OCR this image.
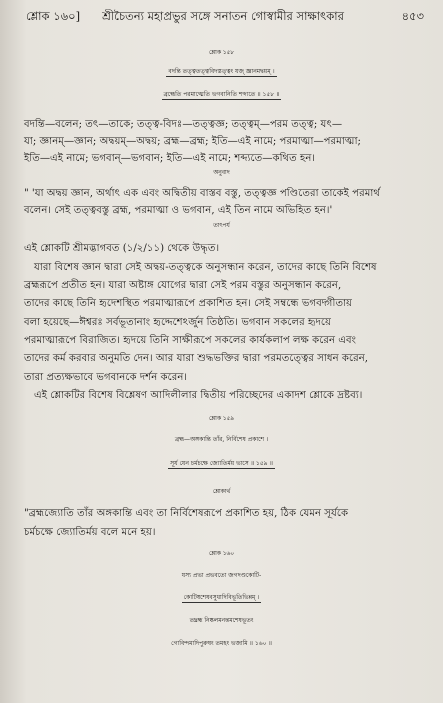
শ্লোক ১৬০] শ্রীচৈতন্য মহাপ্রভুর সঙ্গে সনাতন গোস্বামীর সাক্ষাৎকার	৪৫৩
শ্লোক ১৫৮
বদন্তি তত্ত্বতত্ত্ববিদস্তত্ত্বং যজ্ জ্ঞানমদ্বয়ম্ ।
ব্রহ্মেতি পরমাত্মেতি ভগবানিতি শব্দ্যতে ॥ ১৫৮ ॥
বদন্তি—বলেন; তৎ—তাকে; তত্ত্ব-বিদঃ—তত্ত্বজ্ঞ; তত্ত্বম্—পরম তত্ত্ব; যৎ—
যা; জ্ঞানম্—জ্ঞান; অদ্বয়ম্—অদ্বয়; ব্রহ্ম—ব্রহ্ম; ইতি—এই নামে; পরমাত্মা—পরমাত্মা;
ইতি—এই নামে; ভগবান্—ভগবান; ইতি—এই নামে; শব্দ্যতে—কথিত হন।
অনুবাদ
" 'যা অদ্বয় জ্ঞান, অর্থাৎ এক এবং অদ্বিতীয় বাস্তব বস্তু, তত্ত্বজ্ঞ পণ্ডিতেরা তাকেই পরমার্থ
বলেন। সেই তত্ত্ববস্তু ব্রহ্ম, পরমাত্মা ও ভগবান, এই তিন নামে অভিহিত হন।'
তাৎপর্য
এই শ্লোকটি শ্রীমদ্ভাগবত (১/২/১১) থেকে উদ্ধৃত।
যারা বিশেষ জ্ঞান দ্বারা সেই অদ্বয়-তত্ত্বকে অনুসন্ধান করেন, তাদের কাছে তিনি বিশেষ
ব্রহ্মরূপে প্রতীত হন। যারা অষ্টাঙ্গ যোগের দ্বারা সেই পরম বস্তুর অনুসন্ধান করেন,
তাদের কাছে তিনি হৃদেশস্থিত পরমাত্মারূপে প্রকাশিত হন। সেই সম্বন্ধে ভগবদ্গীতায়
বলা হয়েছে—ঈশ্বরঃ সর্বভূতানাং হৃদ্দেশেঽর্জুন তিষ্ঠতি। ভগবান সকলের হৃদয়ে
পরমাত্মারূপে বিরাজিত। হৃদয়ে তিনি সাক্ষীরূপে সকলের কার্যকলাপ লক্ষ করেন এবং
তাদের কর্ম করবার অনুমতি দেন। আর যারা শুদ্ধভক্তির দ্বারা পরমতত্ত্বের সাধন করেন,
তারা প্রত্যক্ষভাবে ভগবানকে দর্শন করেন।
এই শ্লোকটির বিশেষ বিশ্লেষণ আদিলীলার দ্বিতীয় পরিচ্ছেদের একাদশ শ্লোকে দ্রষ্টব্য।
শ্লোক ১৫৯
ব্রহ্ম—অঙ্গকান্তি তাঁর, নির্বিশেষ প্রকাশে ।
সূর্য যেন চর্মচক্ষে জ্যোতির্ময় ভাসে ॥ ১৫৯ ॥
শ্লোকার্থ
"ব্রহ্মজ্যোতি তাঁর অঙ্গকান্তি এবং তা নির্বিশেষরূপে প্রকাশিত হয়, ঠিক যেমন সূর্যকে
চর্মচক্ষে জ্যোতির্ময় বলে মনে হয়।
শ্লোক ১৬০
যস্য প্রভা প্রভবতো জগদণ্ডকোটি-
কোটিষ্বশেষবসুধাদিবিভূতিভিন্নম্ ।
তদ্ব্রহ্ম নিষ্কলমনন্তমশেষভূতং
গোবিন্দমাদিপুরুষং তমহং ভজামি ॥ ১৬০ ॥
